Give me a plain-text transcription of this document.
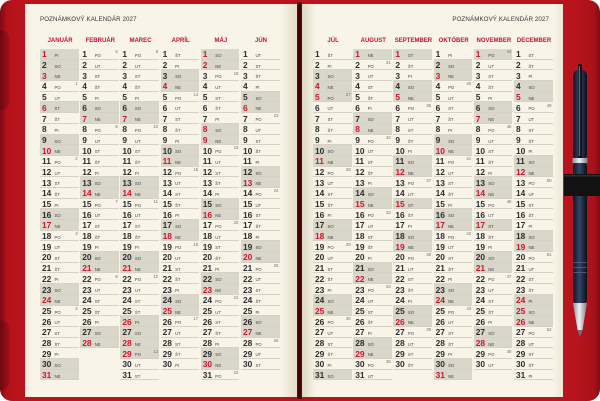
POZNÁMKOVÝ KALENDÁR 2027
JANUÁR
1 PI
2 SO
3 NE
4 PO
1
5 UT
6 ST
7 ŠT
8 PI
9 SO
10 NE
11 PO
2
12 UT
13 ST
14 ŠT
15 PI
16 SO
17 NE
18 PO
3
19 UT
20 ST
21 ŠT
22 PI
23 SO
24 NE
25 PO
4
26 UT
27 ST
28 ŠT
29 PI
30 SO
31 NE
FEBRUÁR
1 PO
5
2 UT
3 ST
4 ŠT
5 PI
6 SO
7 NE
8 PO
6
9 UT
10 ST
11 ŠT
12 PI
13 SO
14 NE
15 PO
7
16 UT
17 ST
18 ŠT
19 PI
20 SO
21 NE
22 PO
8
23 UT
24 ST
25 ŠT
26 PI
27 SO
28 NE
MAREC
1 PO
9
2 UT
3 ST
4 ŠT
5 PI
6 SO
7 NE
8 PO
10
9 UT
10 ST
11 ŠT
12 PI
13 SO
14 NE
15 PO
11
16 UT
17 ST
18 ŠT
19 PI
20 SO
21 NE
22 PO
12
23 UT
24 ST
25 ŠT
26 PI
27 SO
28 NE
29 PO
13
30 UT
31 ST
APRÍL
1 ŠT
2 PI
3 SO
4 NE
5 PO
14
6 UT
7 ST
8 ŠT
9 PI
10 SO
11 NE
12 PO
15
13 UT
14 ST
15 ŠT
16 PI
17 SO
18 NE
19 PO
16
20 UT
21 ST
22 ŠT
23 PI
24 SO
25 NE
26 PO
17
27 UT
28 ST
29 ŠT
30 PI
MÁJ
1 SO
2 NE
3 PO
18
4 UT
5 ST
6 ŠT
7 PI
8 SO
9 NE
10 PO
19
11 UT
12 ST
13 ŠT
14 PI
15 SO
16 NE
17 PO
20
18 UT
19 ST
20 ŠT
21 PI
22 SO
23 NE
24 PO
21
25 UT
26 ST
27 ŠT
28 PI
29 SO
30 NE
31 PO
22
JÚN
1 UT
2 ST
3 ŠT
4 PI
5 SO
6 NE
7 PO
23
8 UT
9 ST
10 ŠT
11 PI
12 SO
13 NE
14 PO
24
15 UT
16 ST
17 ŠT
18 PI
19 SO
20 NE
21 PO
25
22 UT
23 ST
24 ŠT
25 PI
26 SO
27 NE
28 PO
26
29 UT
30 ST
POZNÁMKOVÝ KALENDÁR 2027
JÚL
1 ŠT
2 PI
3 SO
4 NE
5 PO
27
6 UT
7 ST
8 ŠT
9 PI
10 SO
11 NE
12 PO
28
13 UT
14 ST
15 ŠT
16 PI
17 SO
18 NE
19 PO
29
20 UT
21 ST
22 ŠT
23 PI
24 SO
25 NE
26 PO
30
27 UT
28 ST
29 ŠT
30 PI
31 SO
AUGUST
1 NE
2 PO
31
3 UT
4 ST
5 ŠT
6 PI
7 SO
8 NE
9 PO
32
10 UT
11 ST
12 ŠT
13 PI
14 SO
15 NE
16 PO
33
17 UT
18 ST
19 ŠT
20 PI
21 SO
22 NE
23 PO
34
24 UT
25 ST
26 ŠT
27 PI
28 SO
29 NE
30 PO
35
31 UT
SEPTEMBER
1 ST
2 ŠT
3 PI
4 SO
5 NE
6 PO
36
7 UT
8 ST
9 ŠT
10 PI
11 SO
12 NE
13 PO
37
14 UT
15 ST
16 ŠT
17 PI
18 SO
19 NE
20 PO
38
21 UT
22 ST
23 ŠT
24 PI
25 SO
26 NE
27 PO
39
28 UT
29 ST
30 ŠT
OKTÓBER
1 PI
2 SO
3 NE
4 PO
40
5 UT
6 ST
7 ŠT
8 PI
9 SO
10 NE
11 PO
41
12 UT
13 ST
14 ŠT
15 PI
16 SO
17 NE
18 PO
42
19 UT
20 ST
21 ŠT
22 PI
23 SO
24 NE
25 PO
43
26 UT
27 ST
28 ŠT
29 PI
30 SO
31 NE
NOVEMBER
1 PO
44
2 UT
3 ST
4 ŠT
5 PI
6 SO
7 NE
8 PO
45
9 UT
10 ST
11 ŠT
12 PI
13 SO
14 NE
15 PO
46
16 UT
17 ST
18 ŠT
19 PI
20 SO
21 NE
22 PO
47
23 UT
24 ST
25 ŠT
26 PI
27 SO
28 NE
29 PO
48
30 UT
DECEMBER
1 ST
2 ŠT
3 PI
4 SO
5 NE
6 PO
49
7 UT
8 ST
9 ŠT
10 PI
11 SO
12 NE
13 PO
50
14 UT
15 ST
16 ŠT
17 PI
18 SO
19 NE
20 PO
51
21 UT
22 ST
23 ŠT
24 PI
25 SO
26 NE
27 PO
52
28 UT
29 ST
30 ŠT
31 PI
